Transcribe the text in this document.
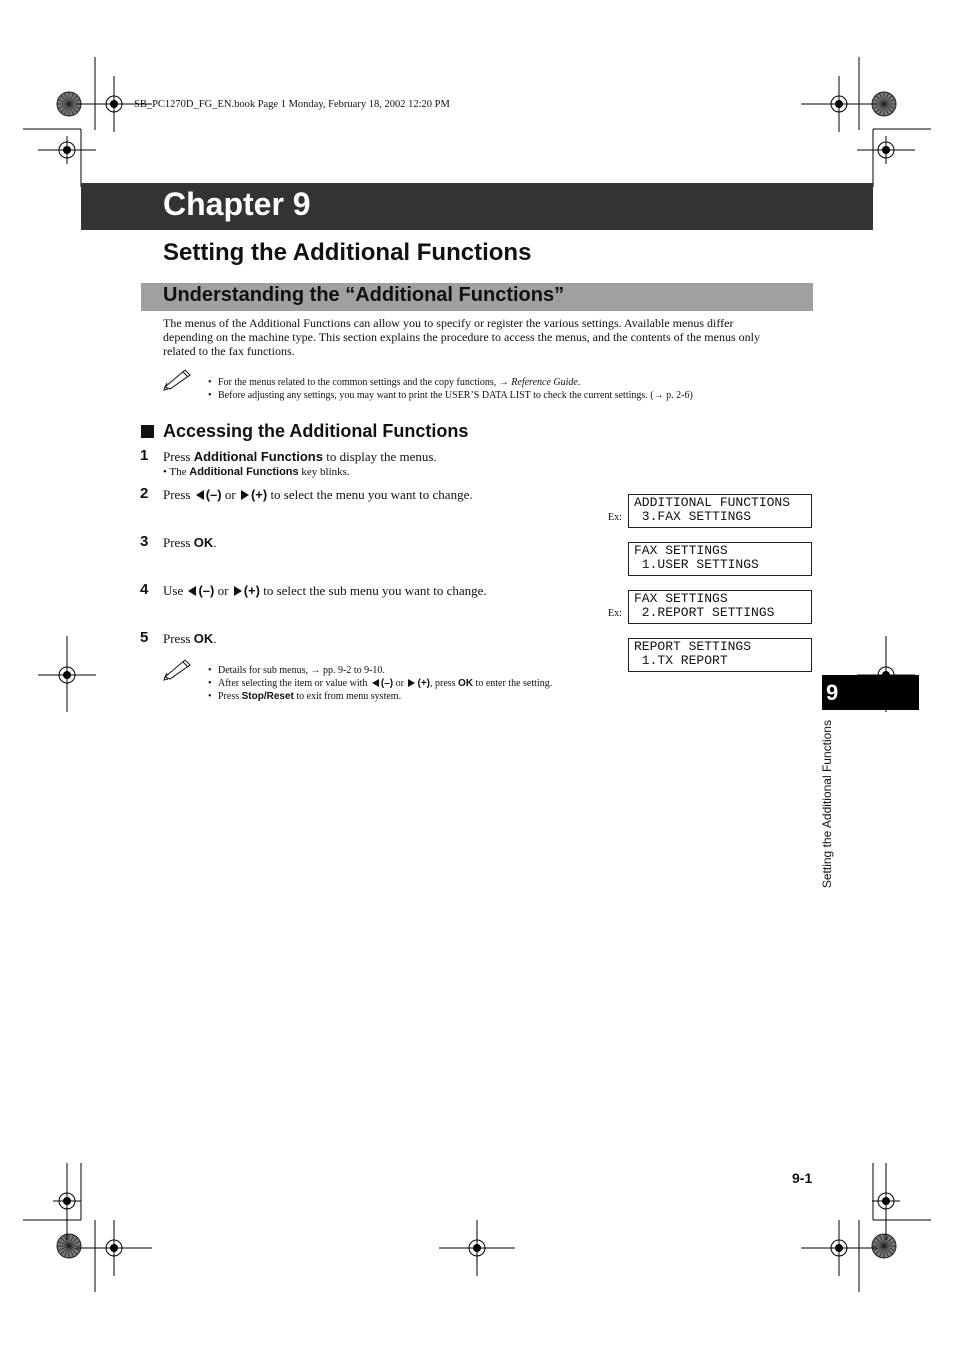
SB_PC1270D_FG_EN.book Page 1 Monday, February 18, 2002 12:20 PM
Chapter 9
Setting the Additional Functions
Understanding the “Additional Functions”
The menus of the Additional Functions can allow you to specify or register the various settings. Available menus differ
depending on the machine type. This section explains the procedure to access the menus, and the contents of the menus only
related to the fax functions.
• For the menus related to the common settings and the copy functions, → Reference Guide.
• Before adjusting any settings, you may want to print the USER’S DATA LIST to check the current settings. (→ p. 2-6)
Accessing the Additional Functions
1 Press Additional Functions to display the menus.
• The Additional Functions key blinks.
2 Press (–) or (+) to select the menu you want to change.
3 Press OK.
4 Use (–) or (+) to select the sub menu you want to change.
5 Press OK.
• Details for sub menus, → pp. 9-2 to 9-10.
• After selecting the item or value with (–) or (+), press OK to enter the setting.
• Press Stop/Reset to exit from menu system.
Ex:
ADDITIONAL FUNCTIONS
3.FAX SETTINGS
FAX SETTINGS
1.USER SETTINGS
Ex:
FAX SETTINGS
2.REPORT SETTINGS
REPORT SETTINGS
1.TX REPORT
9
Setting the Additional Functions
9-1
